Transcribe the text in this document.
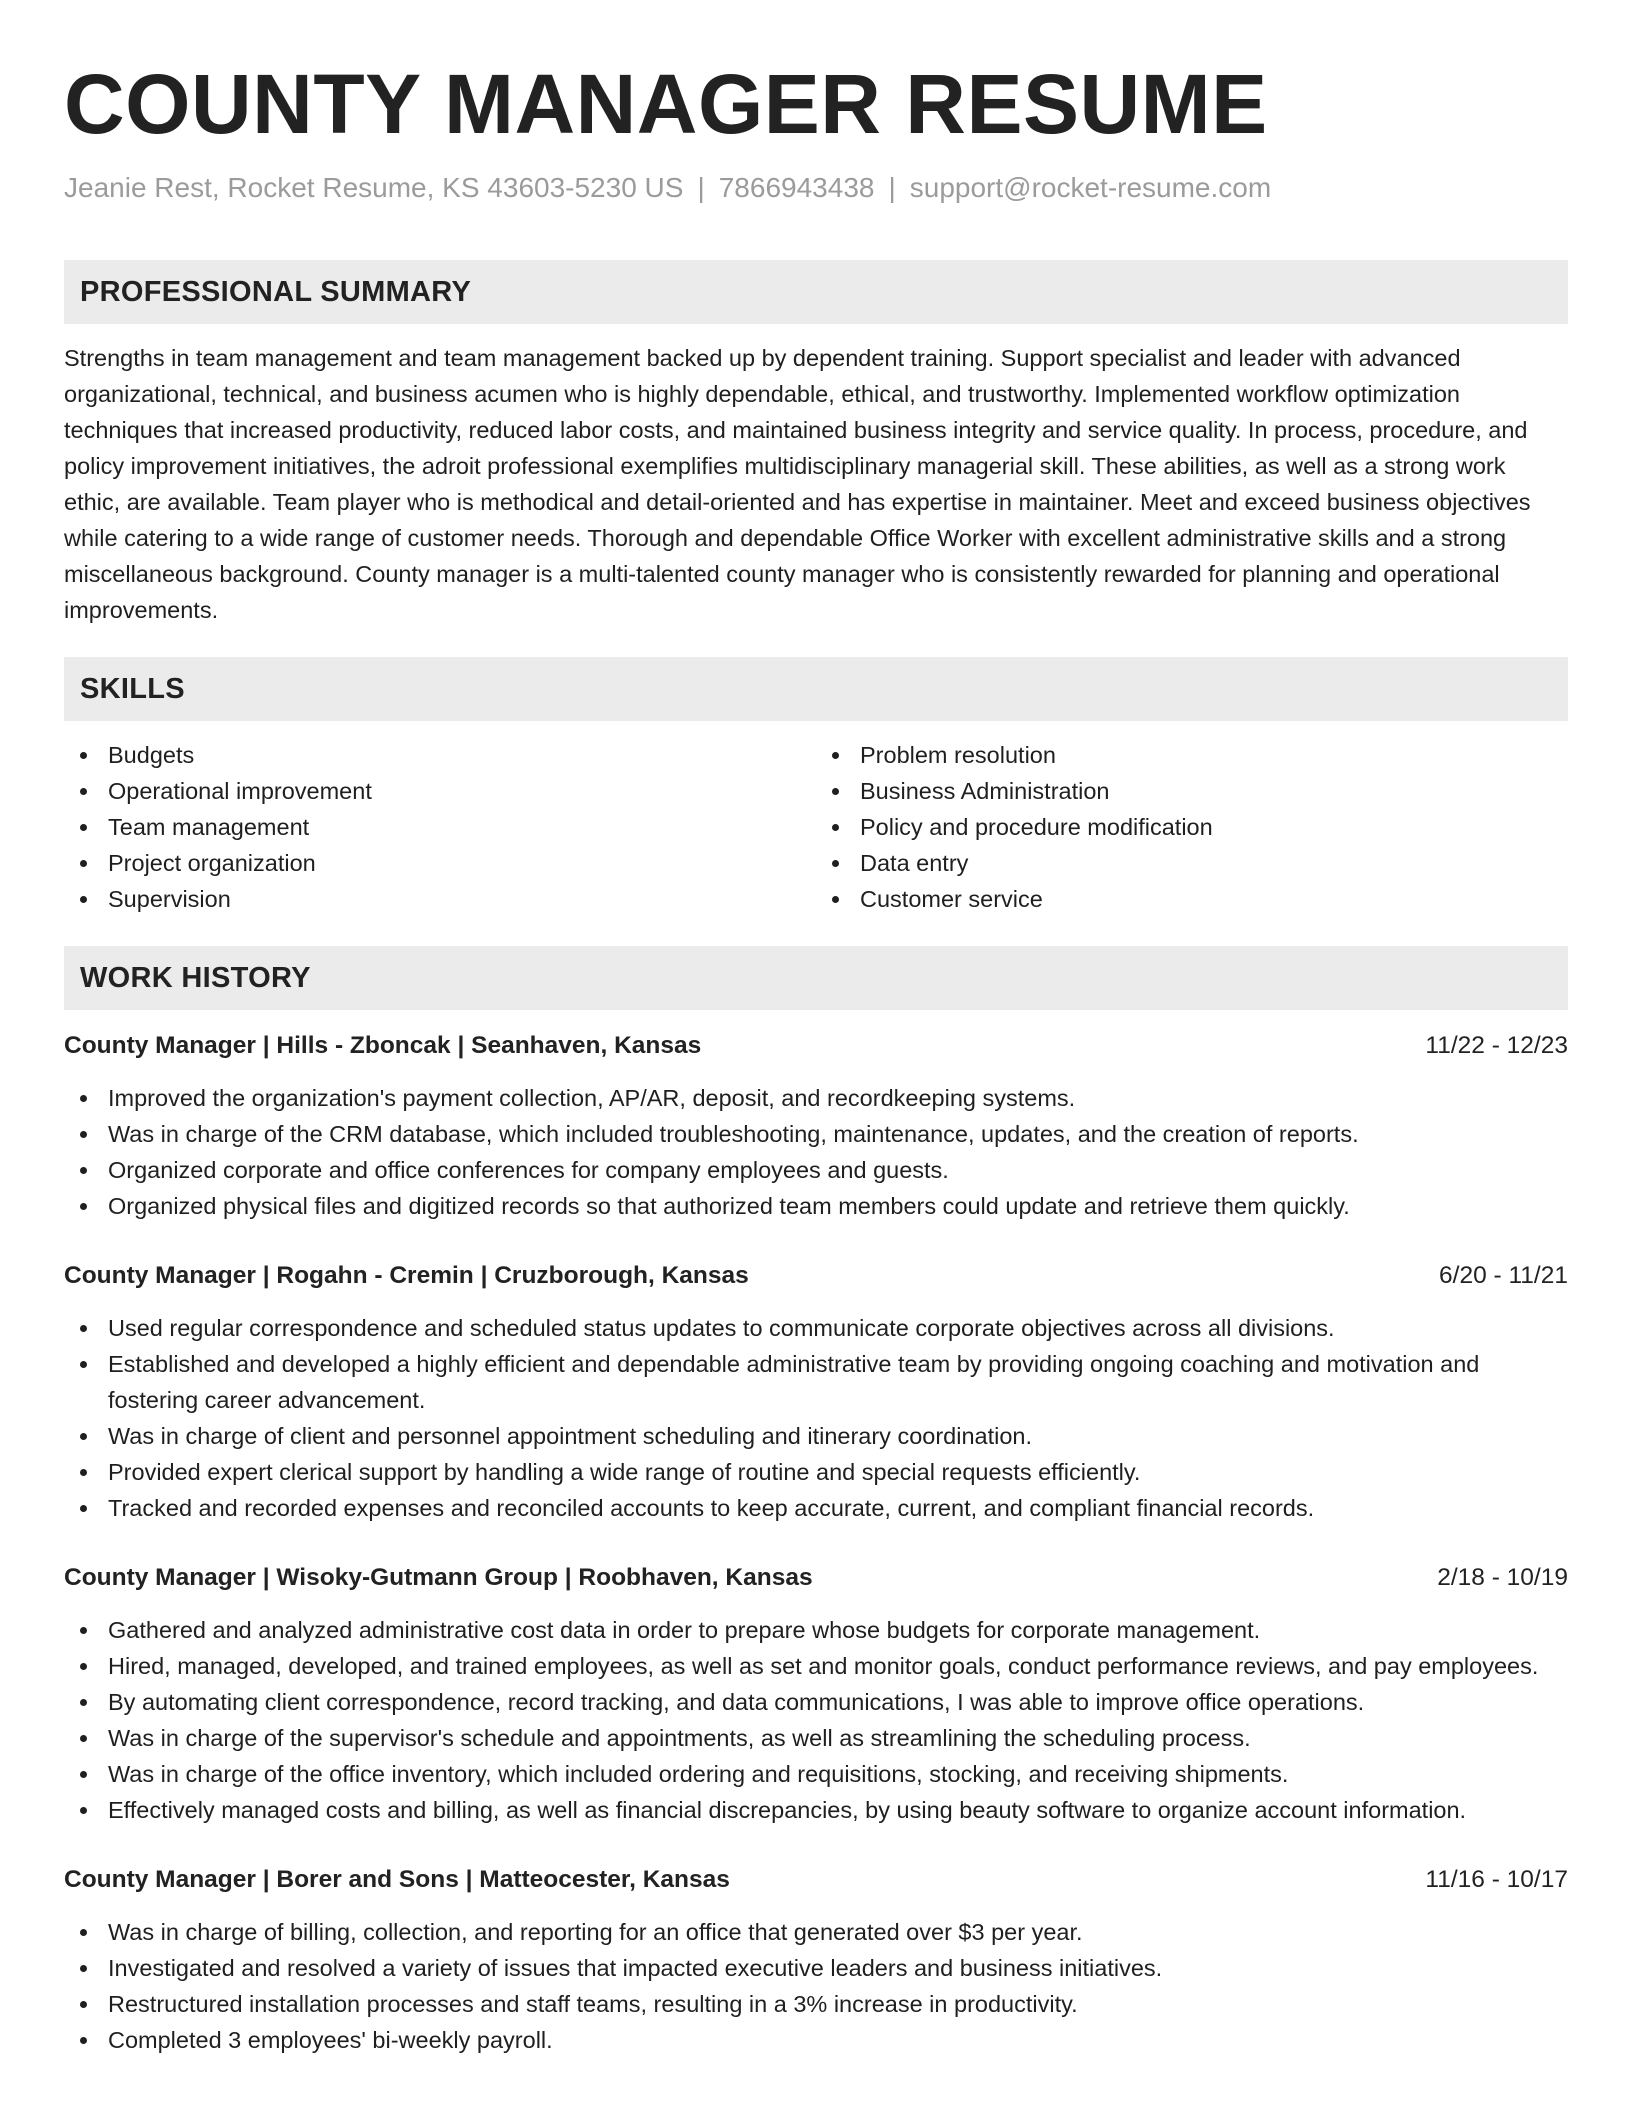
COUNTY MANAGER RESUME
Jeanie Rest, Rocket Resume, KS 43603-5230 US | 7866943438 | support@rocket-resume.com
PROFESSIONAL SUMMARY

Strengths in team management and team management backed up by dependent training. Support specialist and leader with advanced organizational, technical, and business acumen who is highly dependable, ethical, and trustworthy. Implemented workflow optimization techniques that increased productivity, reduced labor costs, and maintained business integrity and service quality. In process, procedure, and policy improvement initiatives, the adroit professional exemplifies multidisciplinary managerial skill. These abilities, as well as a strong work ethic, are available. Team player who is methodical and detail-oriented and has expertise in maintainer. Meet and exceed business objectives while catering to a wide range of customer needs. Thorough and dependable Office Worker with excellent administrative skills and a strong miscellaneous background. County manager is a multi-talented county manager who is consistently rewarded for planning and operational improvements.

SKILLS
Budgets
Operational improvement
Team management
Project organization
Supervision
Problem resolution
Business Administration
Policy and procedure modification
Data entry
Customer service
WORK HISTORY
County Manager | Hills - Zboncak | Seanhaven, Kansas	11/22 - 12/23
Improved the organization's payment collection, AP/AR, deposit, and recordkeeping systems.
Was in charge of the CRM database, which included troubleshooting, maintenance, updates, and the creation of reports.
Organized corporate and office conferences for company employees and guests.
Organized physical files and digitized records so that authorized team members could update and retrieve them quickly.
County Manager | Rogahn - Cremin | Cruzborough, Kansas	6/20 - 11/21
Used regular correspondence and scheduled status updates to communicate corporate objectives across all divisions.
Established and developed a highly efficient and dependable administrative team by providing ongoing coaching and motivation and fostering career advancement.
Was in charge of client and personnel appointment scheduling and itinerary coordination.
Provided expert clerical support by handling a wide range of routine and special requests efficiently.
Tracked and recorded expenses and reconciled accounts to keep accurate, current, and compliant financial records.
County Manager | Wisoky-Gutmann Group | Roobhaven, Kansas	2/18 - 10/19
Gathered and analyzed administrative cost data in order to prepare whose budgets for corporate management.
Hired, managed, developed, and trained employees, as well as set and monitor goals, conduct performance reviews, and pay employees.
By automating client correspondence, record tracking, and data communications, I was able to improve office operations.
Was in charge of the supervisor's schedule and appointments, as well as streamlining the scheduling process.
Was in charge of the office inventory, which included ordering and requisitions, stocking, and receiving shipments.
Effectively managed costs and billing, as well as financial discrepancies, by using beauty software to organize account information.
County Manager | Borer and Sons | Matteocester, Kansas	11/16 - 10/17
Was in charge of billing, collection, and reporting for an office that generated over $3 per year.
Investigated and resolved a variety of issues that impacted executive leaders and business initiatives.
Restructured installation processes and staff teams, resulting in a 3% increase in productivity.
Completed 3 employees' bi-weekly payroll.
